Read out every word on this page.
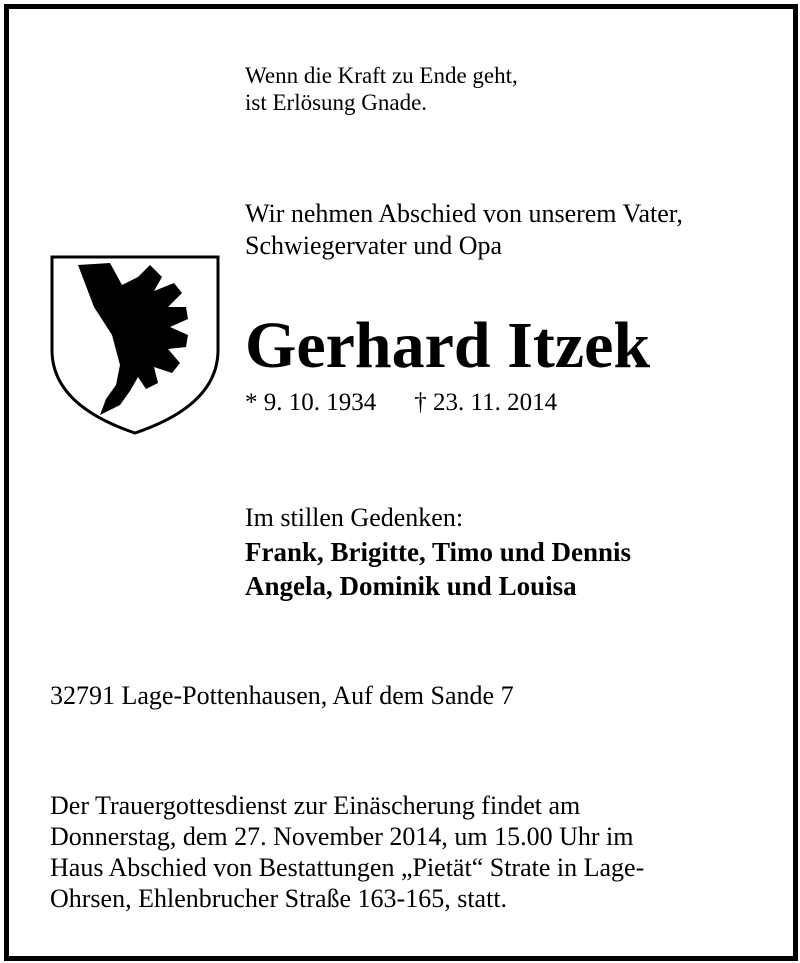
Wenn die Kraft zu Ende geht,
ist Erlösung Gnade.
Wir nehmen Abschied von unserem Vater,
Schwiegervater und Opa
Gerhard Itzek
* 9. 10. 1934 † 23. 11. 2014
Im stillen Gedenken:
Frank, Brigitte, Timo und Dennis
Angela, Dominik und Louisa
32791 Lage-Pottenhausen, Auf dem Sande 7
Der Trauergottesdienst zur Einäscherung findet am
Donnerstag, dem 27. November 2014, um 15.00 Uhr im
Haus Abschied von Bestattungen „Pietät“ Strate in Lage-
Ohrsen, Ehlenbrucher Straße 163-165, statt.
